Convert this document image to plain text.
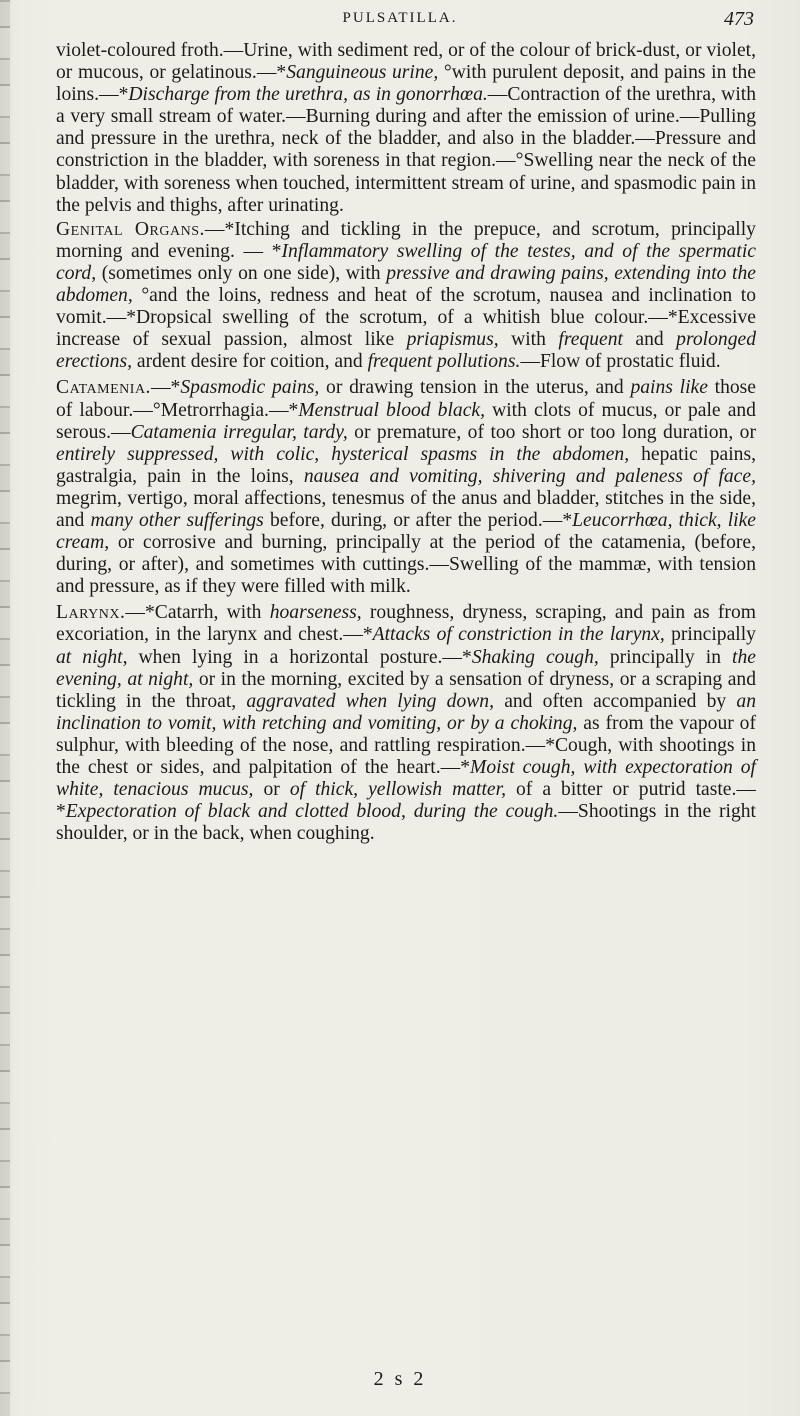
PULSATILLA.	473

violet-coloured froth.—Urine, with sediment red, or of the colour of brick-dust, or violet, or mucous, or gelatinous.—*Sanguineous urine, °with purulent deposit, and pains in the loins.—*Discharge from the urethra, as in gonorrhœa.—Contraction of the urethra, with a very small stream of water.—Burning during and after the emission of urine.—Pulling and pressure in the urethra, neck of the bladder, and also in the bladder.—Pressure and constriction in the bladder, with soreness in that region.—°Swelling near the neck of the bladder, with soreness when touched, intermittent stream of urine, and spasmodic pain in the pelvis and thighs, after urinating.

Genital Organs.—*Itching and tickling in the prepuce, and scrotum, principally morning and evening. — *Inflammatory swelling of the testes, and of the spermatic cord, (sometimes only on one side), with pressive and drawing pains, extending into the abdomen, °and the loins, redness and heat of the scrotum, nausea and inclination to vomit.—*Dropsical swelling of the scrotum, of a whitish blue colour.—*Excessive increase of sexual passion, almost like priapismus, with frequent and prolonged erections, ardent desire for coition, and frequent pollutions.—Flow of prostatic fluid.

Catamenia.—*Spasmodic pains, or drawing tension in the uterus, and pains like those of labour.—°Metrorrhagia.—*Menstrual blood black, with clots of mucus, or pale and serous.—Catamenia irregular, tardy, or premature, of too short or too long duration, or entirely suppressed, with colic, hysterical spasms in the abdomen, hepatic pains, gastralgia, pain in the loins, nausea and vomiting, shivering and paleness of face, megrim, vertigo, moral affections, tenesmus of the anus and bladder, stitches in the side, and many other sufferings before, during, or after the period.—*Leucorrhœa, thick, like cream, or corrosive and burning, principally at the period of the catamenia, (before, during, or after), and sometimes with cuttings.—Swelling of the mammæ, with tension and pressure, as if they were filled with milk.

Larynx.—*Catarrh, with hoarseness, roughness, dryness, scraping, and pain as from excoriation, in the larynx and chest.—*Attacks of constriction in the larynx, principally at night, when lying in a horizontal posture.—*Shaking cough, principally in the evening, at night, or in the morning, excited by a sensation of dryness, or a scraping and tickling in the throat, aggravated when lying down, and often accompanied by an inclination to vomit, with retching and vomiting, or by a choking, as from the vapour of sulphur, with bleeding of the nose, and rattling respiration.—*Cough, with shootings in the chest or sides, and palpitation of the heart.—*Moist cough, with expectoration of white, tenacious mucus, or of thick, yellowish matter, of a bitter or putrid taste.—*Expectoration of black and clotted blood, during the cough.—Shootings in the right shoulder, or in the back, when coughing.

2 s 2
